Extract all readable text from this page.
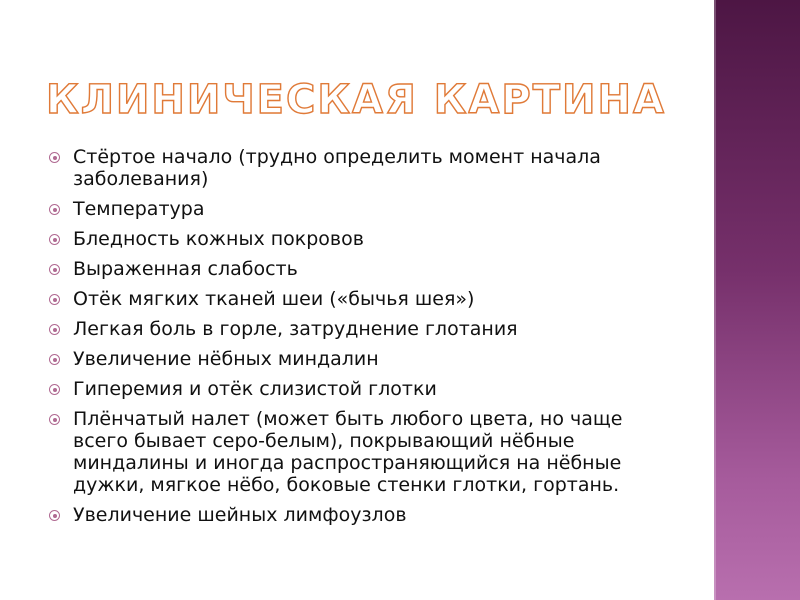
КЛИНИЧЕСКАЯ КАРТИНА
Стёртое начало (трудно определить момент начала заболевания)
Температура
Бледность кожных покровов
Выраженная слабость
Отёк мягких тканей шеи («бычья шея»)
Легкая боль в горле, затруднение глотания
Увеличение нёбных миндалин
Гиперемия и отёк слизистой глотки
Плёнчатый налет (может быть любого цвета, но чаще всего бывает серо-белым), покрывающий нёбные миндалины и иногда распространяющийся на нёбные дужки, мягкое нёбо, боковые стенки глотки, гортань.
Увеличение шейных лимфоузлов
